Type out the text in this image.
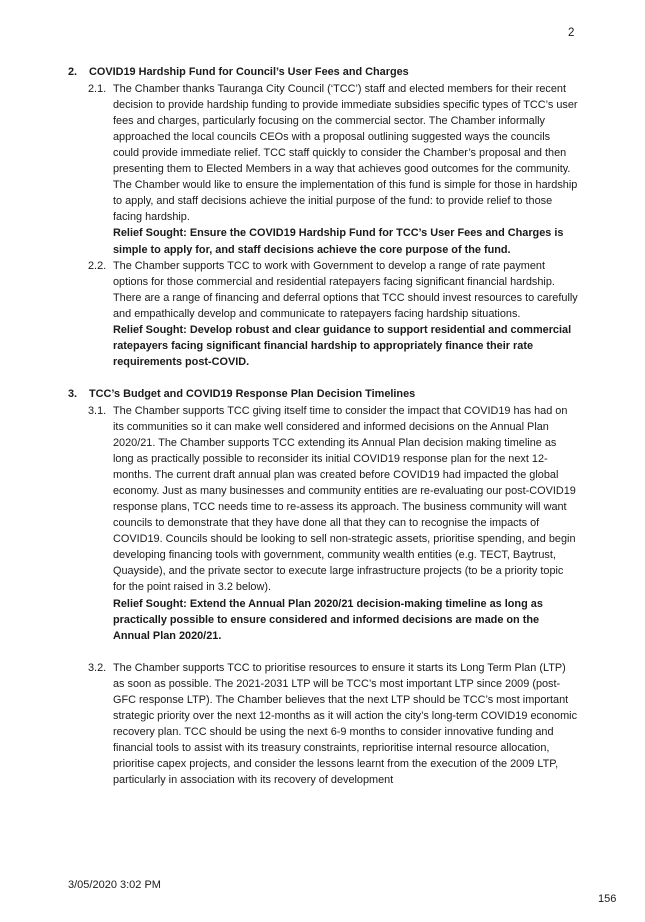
2
2.	COVID19 Hardship Fund for Council’s User Fees and Charges
2.1. The Chamber thanks Tauranga City Council (‘TCC’) staff and elected members for their recent decision to provide hardship funding to provide immediate subsidies specific types of TCC’s user fees and charges, particularly focusing on the commercial sector. The Chamber informally approached the local councils CEOs with a proposal outlining suggested ways the councils could provide immediate relief. TCC staff quickly to consider the Chamber’s proposal and then presenting them to Elected Members in a way that achieves good outcomes for the community. The Chamber would like to ensure the implementation of this fund is simple for those in hardship to apply, and staff decisions achieve the initial purpose of the fund: to provide relief to those facing hardship.
Relief Sought: Ensure the COVID19 Hardship Fund for TCC’s User Fees and Charges is simple to apply for, and staff decisions achieve the core purpose of the fund.
2.2. The Chamber supports TCC to work with Government to develop a range of rate payment options for those commercial and residential ratepayers facing significant financial hardship. There are a range of financing and deferral options that TCC should invest resources to carefully and empathically develop and communicate to ratepayers facing hardship situations.
Relief Sought: Develop robust and clear guidance to support residential and commercial ratepayers facing significant financial hardship to appropriately finance their rate requirements post-COVID.
3.	TCC’s Budget and COVID19 Response Plan Decision Timelines
3.1. The Chamber supports TCC giving itself time to consider the impact that COVID19 has had on its communities so it can make well considered and informed decisions on the Annual Plan 2020/21. The Chamber supports TCC extending its Annual Plan decision making timeline as long as practically possible to reconsider its initial COVID19 response plan for the next 12-months. The current draft annual plan was created before COVID19 had impacted the global economy. Just as many businesses and community entities are re-evaluating our post-COVID19 response plans, TCC needs time to re-assess its approach. The business community will want councils to demonstrate that they have done all that they can to recognise the impacts of COVID19. Councils should be looking to sell non-strategic assets, prioritise spending, and begin developing financing tools with government, community wealth entities (e.g. TECT, Baytrust, Quayside), and the private sector to execute large infrastructure projects (to be a priority topic for the point raised in 3.2 below).
Relief Sought: Extend the Annual Plan 2020/21 decision-making timeline as long as practically possible to ensure considered and informed decisions are made on the Annual Plan 2020/21.
3.2. The Chamber supports TCC to prioritise resources to ensure it starts its Long Term Plan (LTP) as soon as possible. The 2021-2031 LTP will be TCC’s most important LTP since 2009 (post-GFC response LTP). The Chamber believes that the next LTP should be TCC’s most important strategic priority over the next 12-months as it will action the city’s long-term COVID19 economic recovery plan. TCC should be using the next 6-9 months to consider innovative funding and financial tools to assist with its treasury constraints, reprioritise internal resource allocation, prioritise capex projects, and consider the lessons learnt from the execution of the 2009 LTP, particularly in association with its recovery of development
3/05/2020 3:02 PM
156
